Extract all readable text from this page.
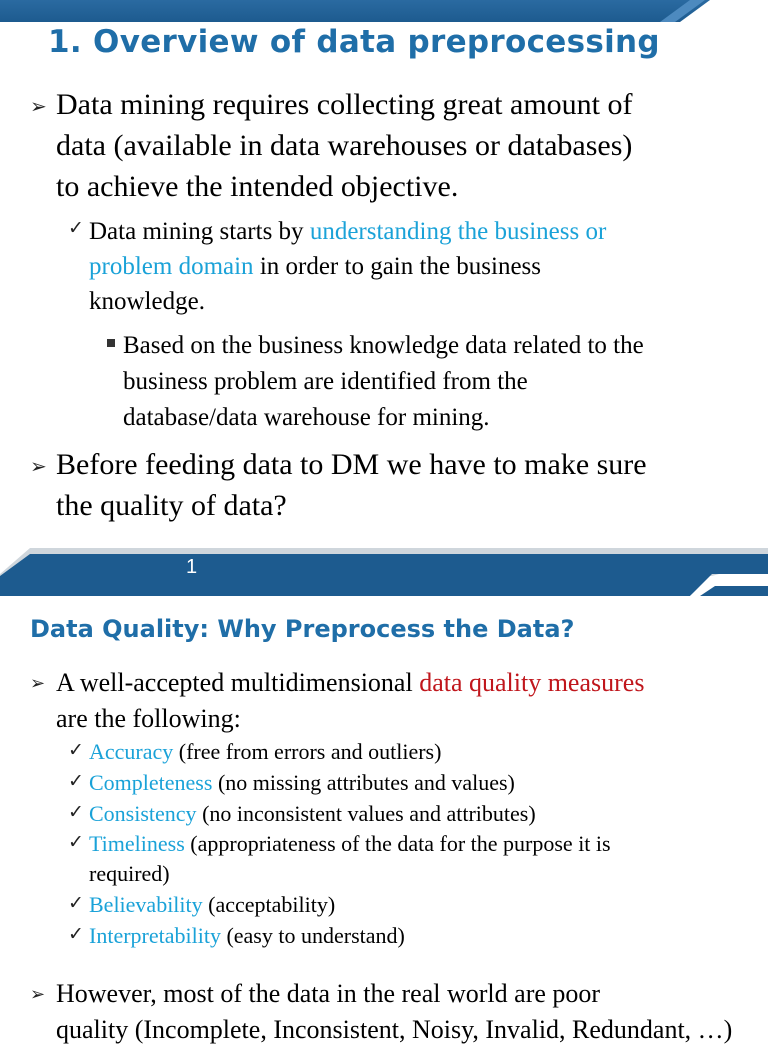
1. Overview of data preprocessing
➢ Data mining requires collecting great amount of
data (available in data warehouses or databases)
to achieve the intended objective.
✓ Data mining starts by understanding the business or
problem domain in order to gain the business
knowledge.
Based on the business knowledge data related to the
business problem are identified from the
database/data warehouse for mining.
➢ Before feeding data to DM we have to make sure
the quality of data?
1
Data Quality: Why Preprocess the Data?
➢ A well-accepted multidimensional data quality measures
are the following:
✓ Accuracy (free from errors and outliers)
✓ Completeness (no missing attributes and values)
✓ Consistency (no inconsistent values and attributes)
✓ Timeliness (appropriateness of the data for the purpose it is
required)
✓ Believability (acceptability)
✓ Interpretability (easy to understand)
➢ However, most of the data in the real world are poor
quality (Incomplete, Inconsistent, Noisy, Invalid, Redundant, …)
